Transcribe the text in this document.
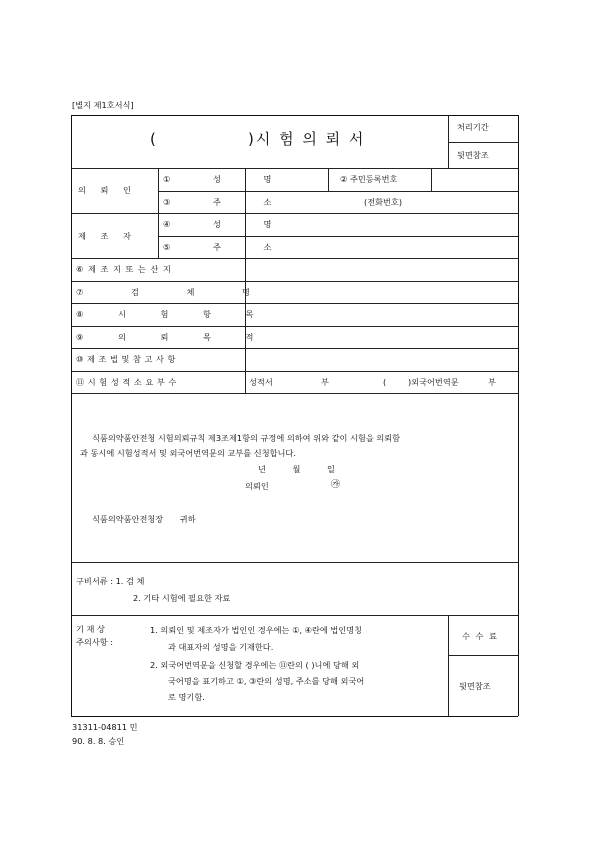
[별지 제1호서식]
(	)시 험 의 뢰 서
처리기간
뒷면참조
의 뢰 인
① 성 명	② 주민등록번호
③ 주 소	(전화번호)
제 조 자
④ 성 명
⑤ 주 소
⑥ 제 조 지 또 는 산 지
⑦ 검 체 명
⑧ 시 험 항 목
⑨ 의 뢰 목 적
⑩ 제 조 법 및 참 고 사 항
⑪ 시 험 성 적 소 요 부 수	성적서	부	(	)외국어번역문	부
식품의약품안전청 시험의뢰규칙 제3조제1항의 규정에 의하여 위와 같이 시험을 의뢰함
과 동시에 시험성적서 및 외국어번역문의 교부를 신청합니다.
년 월 일
의뢰인	㉮
식품의약품안전청장 귀하
구비서류 : 1. 검 체
2. 기타 시험에 필요한 자료
기 재 상
주의사항 :
1. 의뢰인 및 제조자가 법인인 경우에는 ①, ④란에 법인명칭
과 대표자의 성명을 기재한다.
2. 외국어번역문을 신청할 경우에는 ⑪란의 ( )니에 당해 외
국어명을 표기하고 ①, ③란의 성명, 주소를 당해 외국어
로 명기함.
수 수 료
뒷면참조
31311-04811 민
90. 8. 8. 승인
